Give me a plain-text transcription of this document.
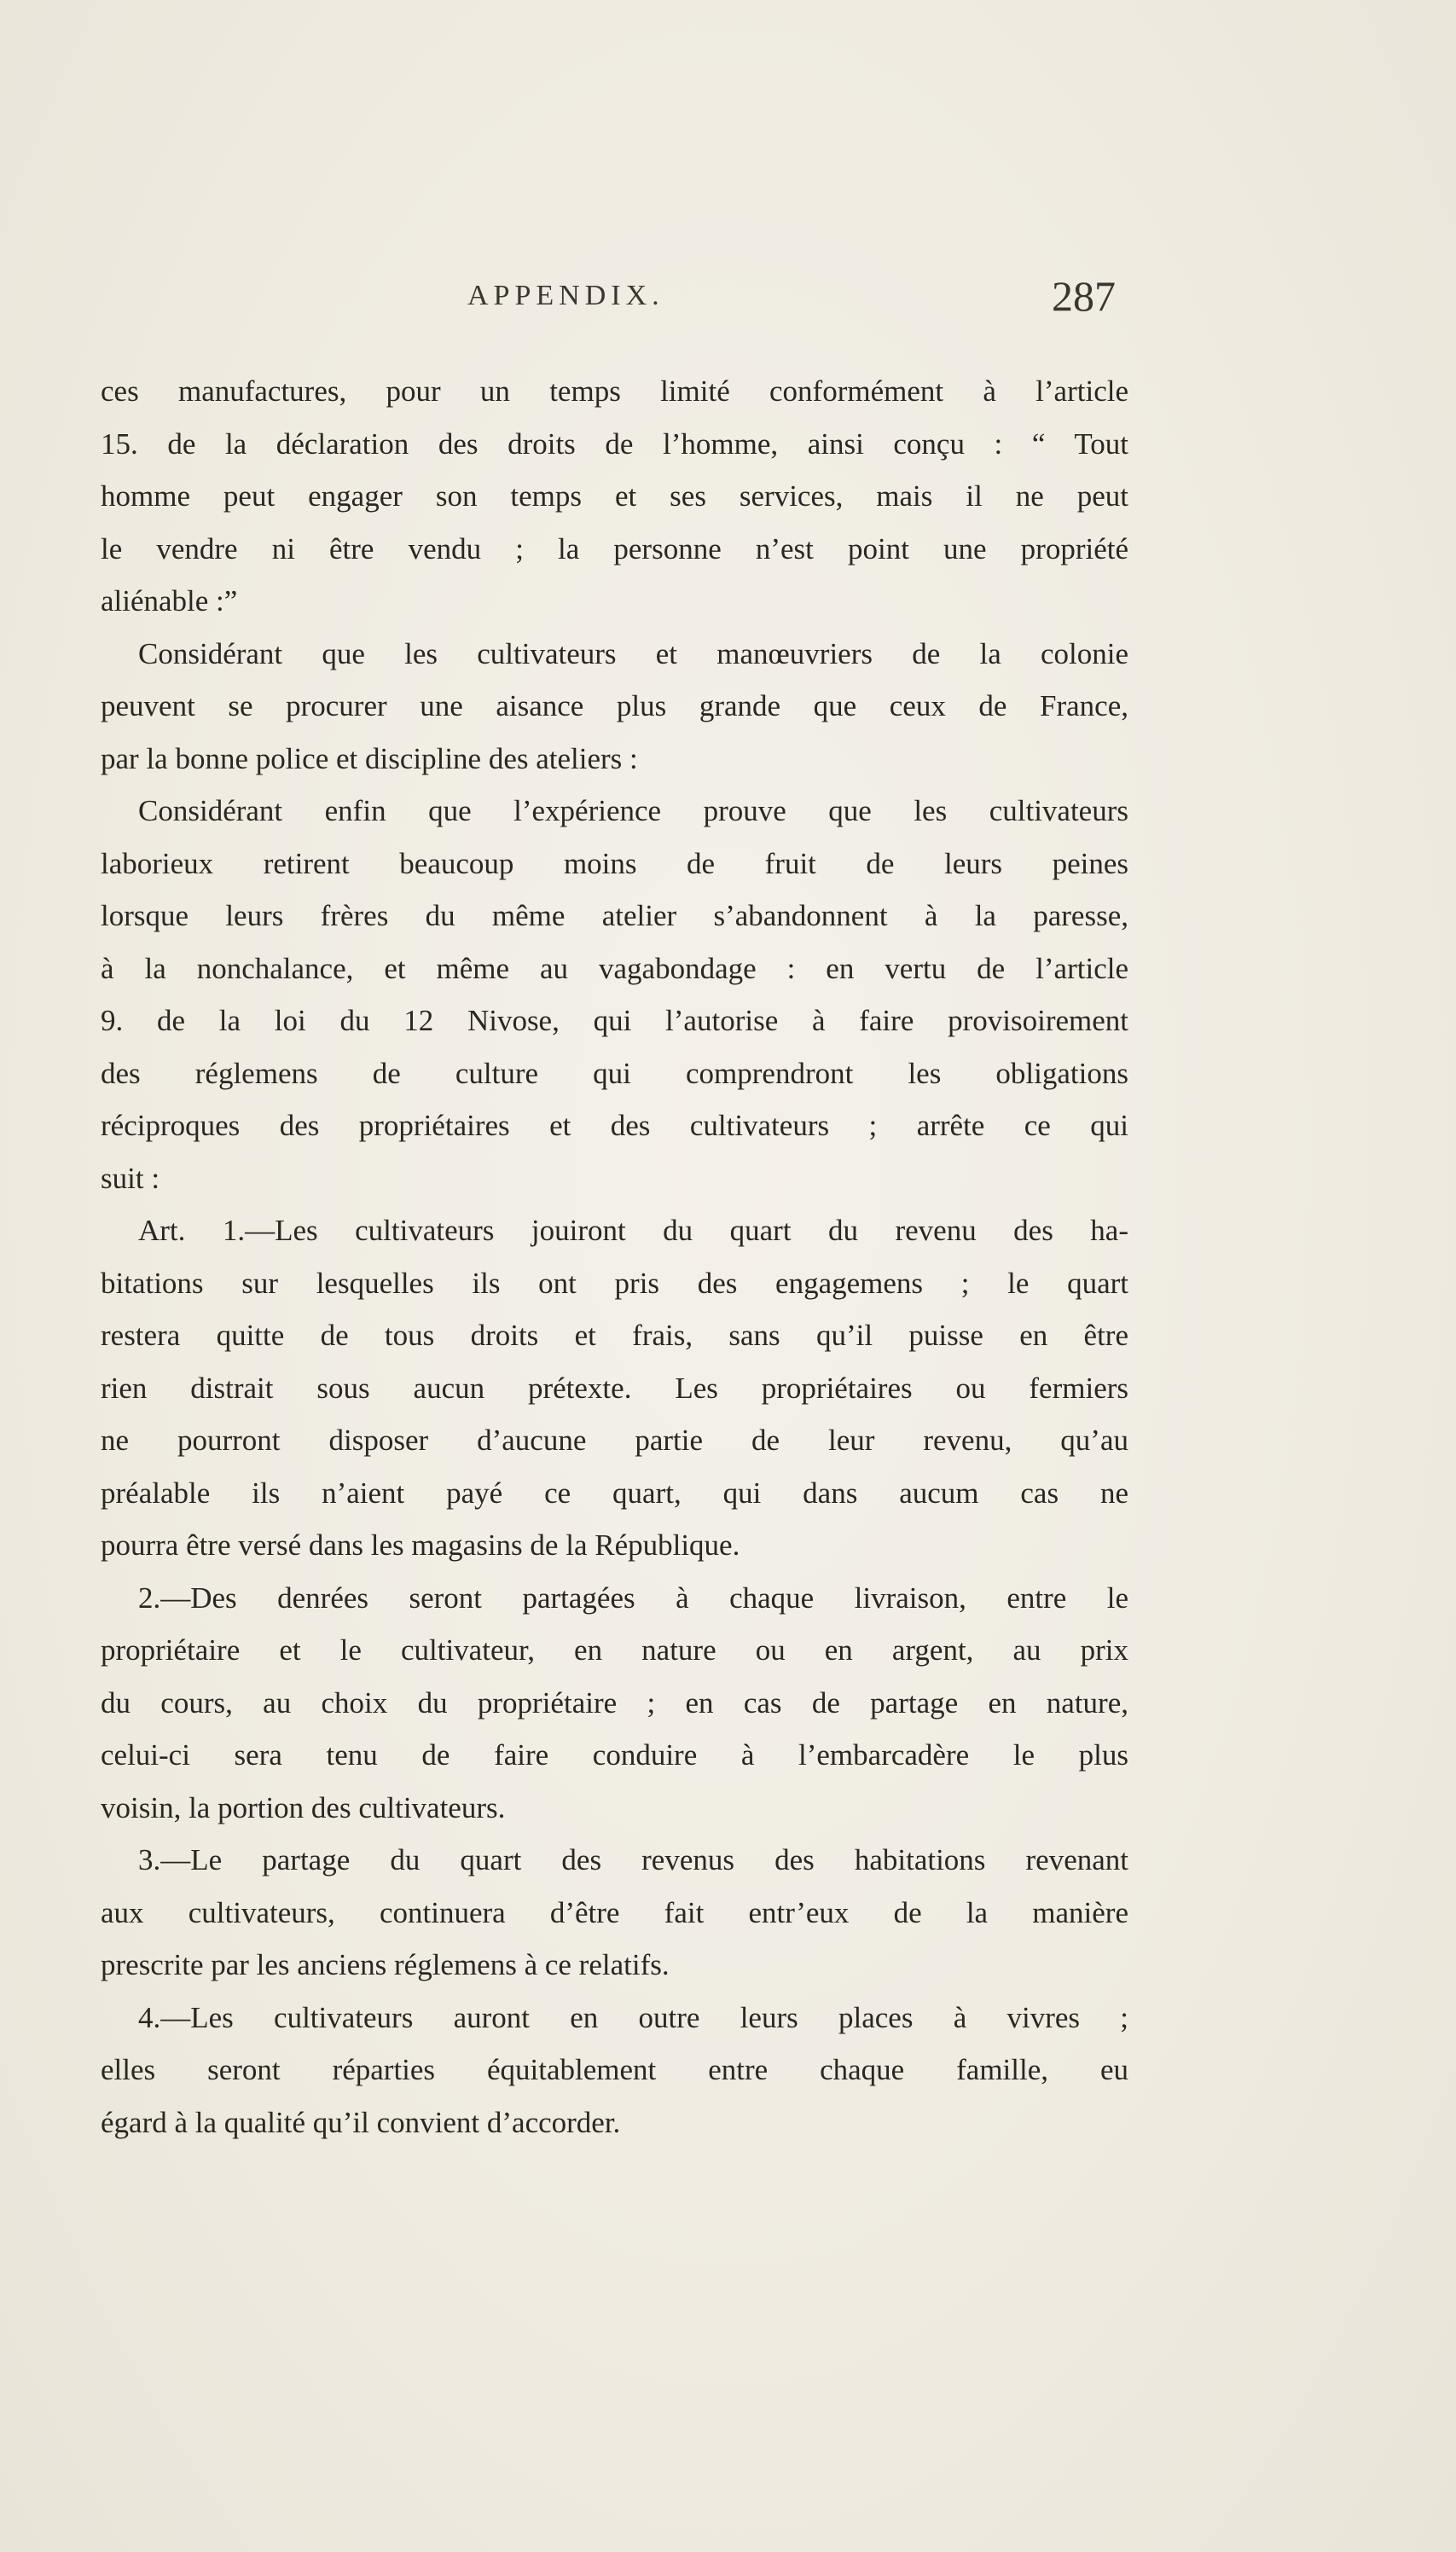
APPENDIX.	287
ces manufactures, pour un temps limité conformément à l’article
15. de la déclaration des droits de l’homme, ainsi conçu : “ Tout
homme peut engager son temps et ses services, mais il ne peut
le vendre ni être vendu ; la personne n’est point une propriété
aliénable :”
Considérant que les cultivateurs et manœuvriers de la colonie
peuvent se procurer une aisance plus grande que ceux de France,
par la bonne police et discipline des ateliers :
Considérant enfin que l’expérience prouve que les cultivateurs
laborieux retirent beaucoup moins de fruit de leurs peines
lorsque leurs frères du même atelier s’abandonnent à la paresse,
à la nonchalance, et même au vagabondage : en vertu de l’article
9. de la loi du 12 Nivose, qui l’autorise à faire provisoirement
des réglemens de culture qui comprendront les obligations
réciproques des propriétaires et des cultivateurs ; arrête ce qui
suit :
Art. 1.—Les cultivateurs jouiront du quart du revenu des ha-
bitations sur lesquelles ils ont pris des engagemens ; le quart
restera quitte de tous droits et frais, sans qu’il puisse en être
rien distrait sous aucun prétexte. Les propriétaires ou fermiers
ne pourront disposer d’aucune partie de leur revenu, qu’au
préalable ils n’aient payé ce quart, qui dans aucum cas ne
pourra être versé dans les magasins de la République.
2.—Des denrées seront partagées à chaque livraison, entre le
propriétaire et le cultivateur, en nature ou en argent, au prix
du cours, au choix du propriétaire ; en cas de partage en nature,
celui-ci sera tenu de faire conduire à l’embarcadère le plus
voisin, la portion des cultivateurs.
3.—Le partage du quart des revenus des habitations revenant
aux cultivateurs, continuera d’être fait entr’eux de la manière
prescrite par les anciens réglemens à ce relatifs.
4.—Les cultivateurs auront en outre leurs places à vivres ;
elles seront réparties équitablement entre chaque famille, eu
égard à la qualité qu’il convient d’accorder.
